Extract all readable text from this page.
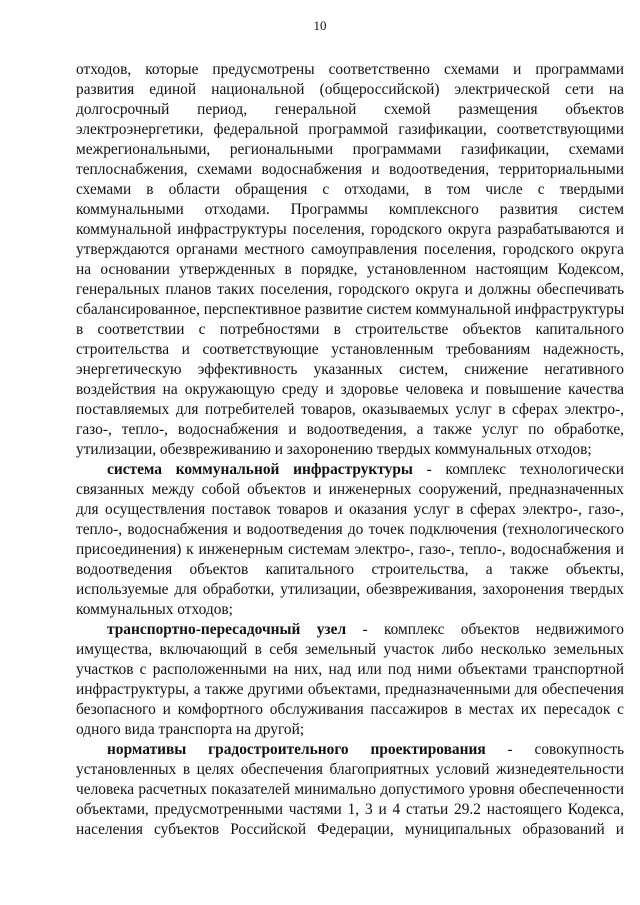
10
отходов, которые предусмотрены соответственно схемами и программами
развития единой национальной (общероссийской) электрической сети на
долгосрочный период, генеральной схемой размещения объектов
электроэнергетики, федеральной программой газификации, соответствующими
межрегиональными, региональными программами газификации, схемами
теплоснабжения, схемами водоснабжения и водоотведения, территориальными
схемами в области обращения с отходами, в том числе с твердыми
коммунальными отходами. Программы комплексного развития систем
коммунальной инфраструктуры поселения, городского округа разрабатываются и
утверждаются органами местного самоуправления поселения, городского округа
на основании утвержденных в порядке, установленном настоящим Кодексом,
генеральных планов таких поселения, городского округа и должны обеспечивать
сбалансированное, перспективное развитие систем коммунальной инфраструктуры
в соответствии с потребностями в строительстве объектов капитального
строительства и соответствующие установленным требованиям надежность,
энергетическую эффективность указанных систем, снижение негативного
воздействия на окружающую среду и здоровье человека и повышение качества
поставляемых для потребителей товаров, оказываемых услуг в сферах электро-,
газо-, тепло-, водоснабжения и водоотведения, а также услуг по обработке,
утилизации, обезвреживанию и захоронению твердых коммунальных отходов;
система коммунальной инфраструктуры - комплекс технологически
связанных между собой объектов и инженерных сооружений, предназначенных
для осуществления поставок товаров и оказания услуг в сферах электро-, газо-,
тепло-, водоснабжения и водоотведения до точек подключения (технологического
присоединения) к инженерным системам электро-, газо-, тепло-, водоснабжения и
водоотведения объектов капитального строительства, а также объекты,
используемые для обработки, утилизации, обезвреживания, захоронения твердых
коммунальных отходов;
транспортно-пересадочный узел - комплекс объектов недвижимого
имущества, включающий в себя земельный участок либо несколько земельных
участков с расположенными на них, над или под ними объектами транспортной
инфраструктуры, а также другими объектами, предназначенными для обеспечения
безопасного и комфортного обслуживания пассажиров в местах их пересадок с
одного вида транспорта на другой;
нормативы градостроительного проектирования - совокупность
установленных в целях обеспечения благоприятных условий жизнедеятельности
человека расчетных показателей минимально допустимого уровня обеспеченности
объектами, предусмотренными частями 1, 3 и 4 статьи 29.2 настоящего Кодекса,
населения субъектов Российской Федерации, муниципальных образований и
